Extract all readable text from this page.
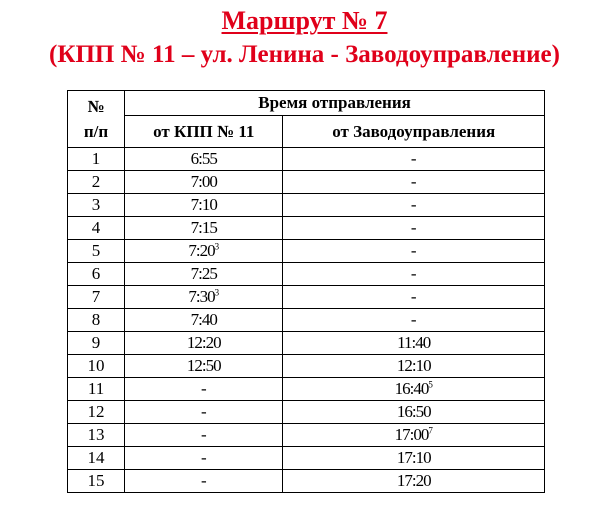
Маршрут № 7
(КПП № 11 – ул. Ленина - Заводоуправление)
№
п/п	Время отправления	
	от КПП № 11	от Заводоуправления
1	6:55	-
2	7:00	-
3	7:10	-
4	7:15	-
5	7:20$^3$	-
6	7:25	-
7	7:30$^3$	-
8	7:40	-
9	12:20	11:40
10	12:50	12:10
11	-	16:40$^5$
12	-	16:50
13	-	17:00$^7$
14	-	17:10
15	-	17:20
